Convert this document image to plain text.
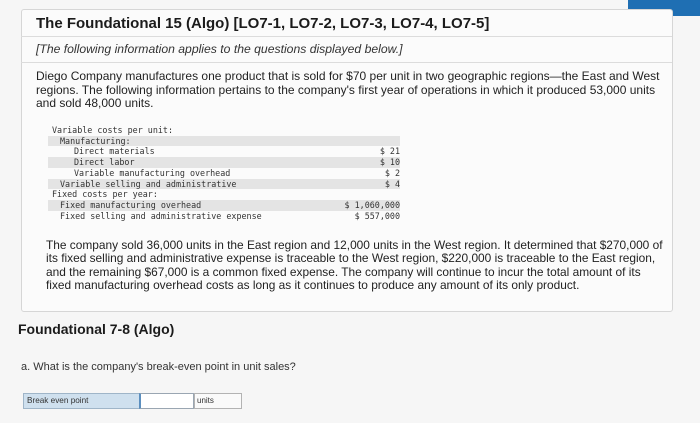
The Foundational 15 (Algo) [LO7-1, LO7-2, LO7-3, LO7-4, LO7-5]
[The following information applies to the questions displayed below.]
Diego Company manufactures one product that is sold for $70 per unit in two geographic regions—the East and West regions. The following information pertains to the company's first year of operations in which it produced 53,000 units and sold 48,000 units.
Variable costs per unit:	
Manufacturing:	
Direct materials	$ 21
Direct labor	$ 10
Variable manufacturing overhead	$ 2
Variable selling and administrative	$ 4
Fixed costs per year:	
Fixed manufacturing overhead	$ 1,060,000
Fixed selling and administrative expense	$ 557,000
The company sold 36,000 units in the East region and 12,000 units in the West region. It determined that $270,000 of its fixed selling and administrative expense is traceable to the West region, $220,000 is traceable to the East region, and the remaining $67,000 is a common fixed expense. The company will continue to incur the total amount of its fixed manufacturing overhead costs as long as it continues to produce any amount of its only product.
Foundational 7-8 (Algo)
a. What is the company's break-even point in unit sales?
Break even point	units
